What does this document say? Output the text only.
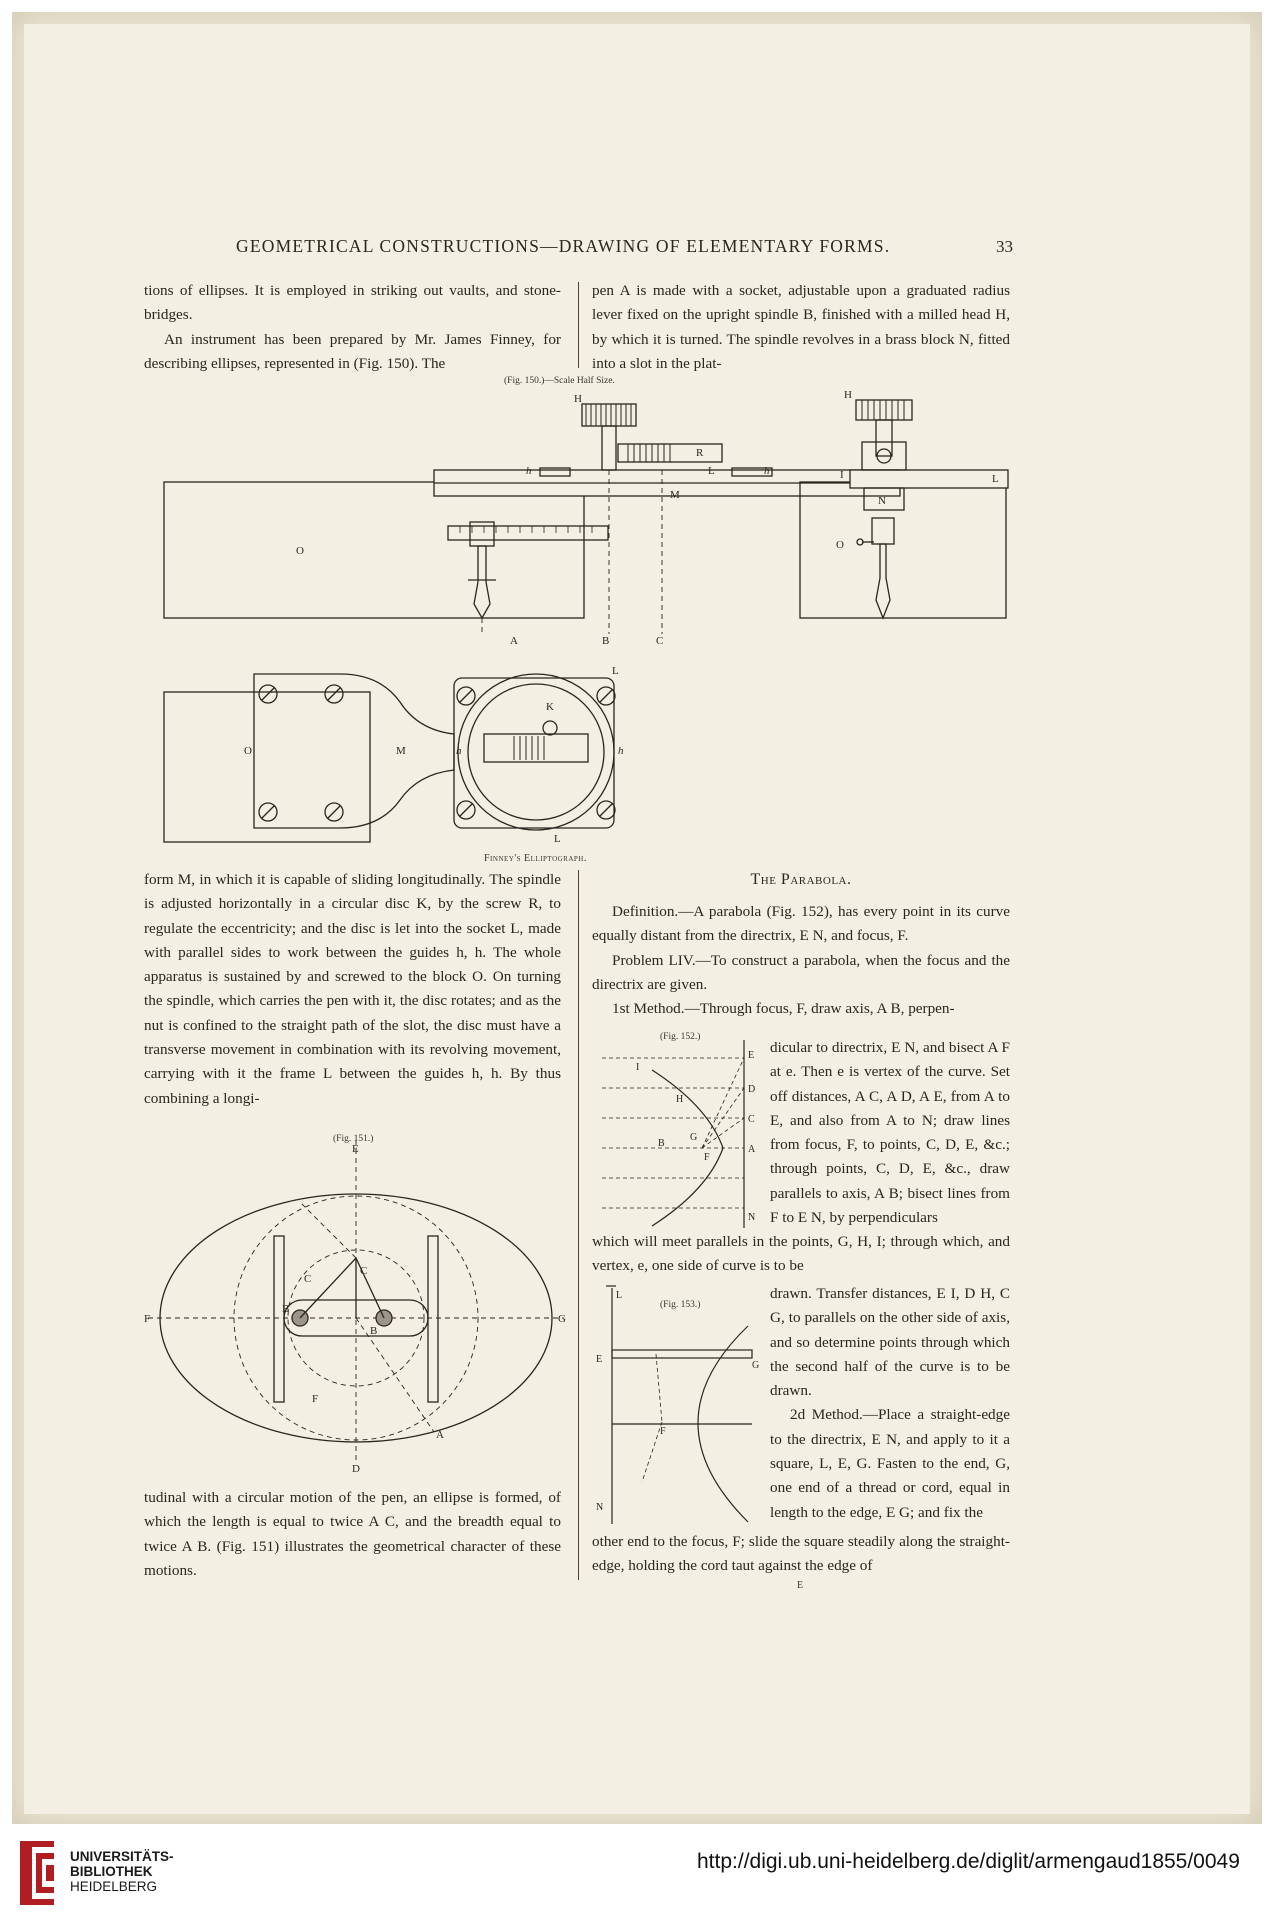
GEOMETRICAL CONSTRUCTIONS—DRAWING OF ELEMENTARY FORMS.	33

tions of ellipses. It is employed in striking out vaults, and stone-bridges.

An instrument has been prepared by Mr. James Finney, for describing ellipses, represented in (Fig. 150). The

pen A is made with a socket, adjustable upon a graduated radius lever fixed on the upright spindle B, finished with a milled head H, by which it is turned. The spindle revolves in a brass block N, fitted into a slot in the plat-

(Fig. 150.)—Scale Half Size.
H
R
h	L	h
M
O
A	B	C
H
I	L
N
O
O	M
K
L
L
h	h
Finney's Elliptograph.

form M, in which it is capable of sliding longitudinally. The spindle is adjusted horizontally in a circular disc K, by the screw R, to regulate the eccentricity; and the disc is let into the socket L, made with parallel sides to work between the guides h, h. The whole apparatus is sustained by and screwed to the block O. On turning the spindle, which carries the pen with it, the disc rotates; and as the nut is confined to the straight path of the slot, the disc must have a transverse movement in combination with its revolving movement, carrying with it the frame L between the guides h, h. By thus combining a longi-

(Fig. 151.)
E
C
C
B
B
F	G
F
A
D

tudinal with a circular motion of the pen, an ellipse is formed, of which the length is equal to twice A C, and the breadth equal to twice A B. (Fig. 151) illustrates the geometrical character of these motions.

The Parabola.

Definition.—A parabola (Fig. 152), has every point in its curve equally distant from the directrix, E N, and focus, F.

Problem LIV.—To construct a parabola, when the focus and the directrix are given.

1st Method.—Through focus, F, draw axis, A B, perpen-

(Fig. 152.)
E
I
H
D
C
G
B
F
A
N

dicular to directrix, E N, and bisect A F at e. Then e is vertex of the curve. Set off distances, A C, A D, A E, from A to E, and also from A to N; draw lines from focus, F, to points, C, D, E, &c.; through points, C, D, E, &c., draw parallels to axis, A B; bisect lines from F to E N, by perpendiculars

which will meet parallels in the points, G, H, I; through which, and vertex, e, one side of curve is to be

(Fig. 153.)
L
E
G
F
N

drawn. Transfer distances, E I, D H, C G, to parallels on the other side of axis, and so determine points through which the second half of the curve is to be drawn.

2d Method.—Place a straight-edge to the directrix, E N, and apply to it a square, L, E, G. Fasten to the end, G, one end of a thread or cord, equal in length to the edge, E G; and fix the

other end to the focus, F; slide the square steadily along the straight-edge, holding the cord taut against the edge of

E
UNIVERSITÄTS-
BIBLIOTHEK
HEIDELBERG
http://digi.ub.uni-heidelberg.de/diglit/armengaud1855/0049
